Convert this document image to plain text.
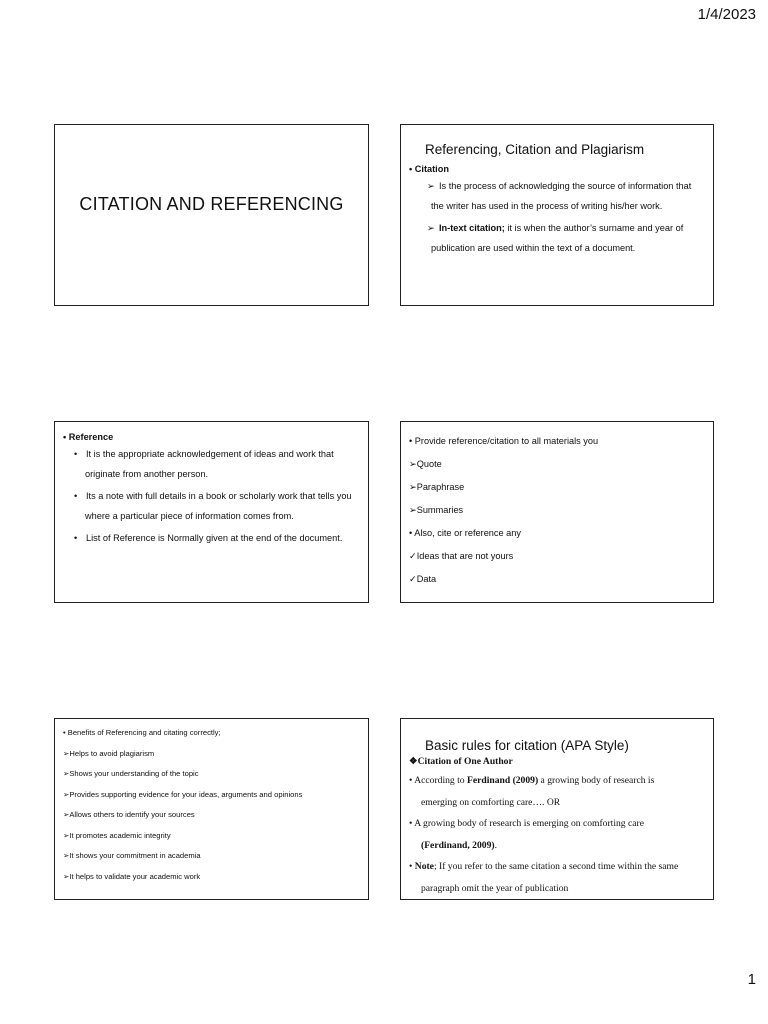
1/4/2023
CITATION AND REFERENCING
Referencing, Citation and Plagiarism
• Citation
➢ Is the process of acknowledging the source of information that
the writer has used in the process of writing his/her work.
➢ In-text citation; it is when the author’s surname and year of
publication are used within the text of a document.
• Reference
• It is the appropriate acknowledgement of ideas and work that
originate from another person.
• Its a note with full details in a book or scholarly work that tells you
where a particular piece of information comes from.
• List of Reference is Normally given at the end of the document.
• Provide reference/citation to all materials you
➢Quote
➢Paraphrase
➢Summaries
• Also, cite or reference any
✓Ideas that are not yours
✓Data
• Benefits of Referencing and citating correctly;
➢Helps to avoid plagiarism
➢Shows your understanding of the topic
➢Provides supporting evidence for your ideas, arguments and opinions
➢Allows others to identify your sources
➢It promotes academic integrity
➢It shows your commitment in academia
➢It helps to validate your academic work
Basic rules for citation (APA Style)
❖Citation of One Author
• According to Ferdinand (2009) a growing body of research is
emerging on comforting care…. OR
• A growing body of research is emerging on comforting care
(Ferdinand, 2009).
• Note; If you refer to the same citation a second time within the same
paragraph omit the year of publication
1
